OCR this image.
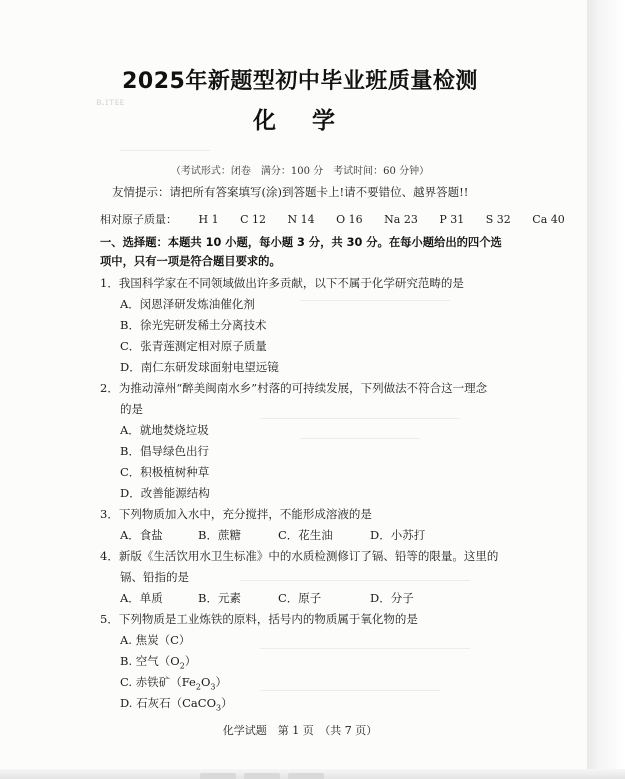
ʙ.ɪᴛᴇᴇ
2025年新题型初中毕业班质量检测
化 学
（考试形式：闭卷　满分：100 分　考试时间：60 分钟）
友情提示：请把所有答案填写(涂)到答题卡上!请不要错位、越界答题!!
相对原子质量： H 1 C 12 N 14 O 16 Na 23 P 31 S 32 Ca 40
一、选择题：本题共 10 小题，每小题 3 分，共 30 分。在每小题给出的四个选
项中，只有一项是符合题目要求的。
1．我国科学家在不同领域做出许多贡献，以下不属于化学研究范畴的是
A．闵恩泽研发炼油催化剂
B．徐光宪研发稀土分离技术
C．张青莲测定相对原子质量
D．南仁东研发球面射电望远镜
2．为推动漳州“醉美闽南水乡”村落的可持续发展，下列做法不符合这一理念
的是
A．就地焚烧垃圾
B．倡导绿色出行
C．积极植树种草
D．改善能源结构
3．下列物质加入水中，充分搅拌，不能形成溶液的是
A．食盐	B．蔗糖	C．花生油	D．小苏打
4．新版《生活饮用水卫生标准》中的水质检测修订了镉、铅等的限量。这里的
镉、铅指的是
A．单质	B．元素	C．原子	D．分子
5．下列物质是工业炼铁的原料，括号内的物质属于氧化物的是
A. 焦炭（C）
B. 空气$(O_2)$
C. 赤铁矿$(Fe_2O_3)$
D. 石灰石（CaCO$_3$）
化学试题　第 1 页　（共 7 页）
